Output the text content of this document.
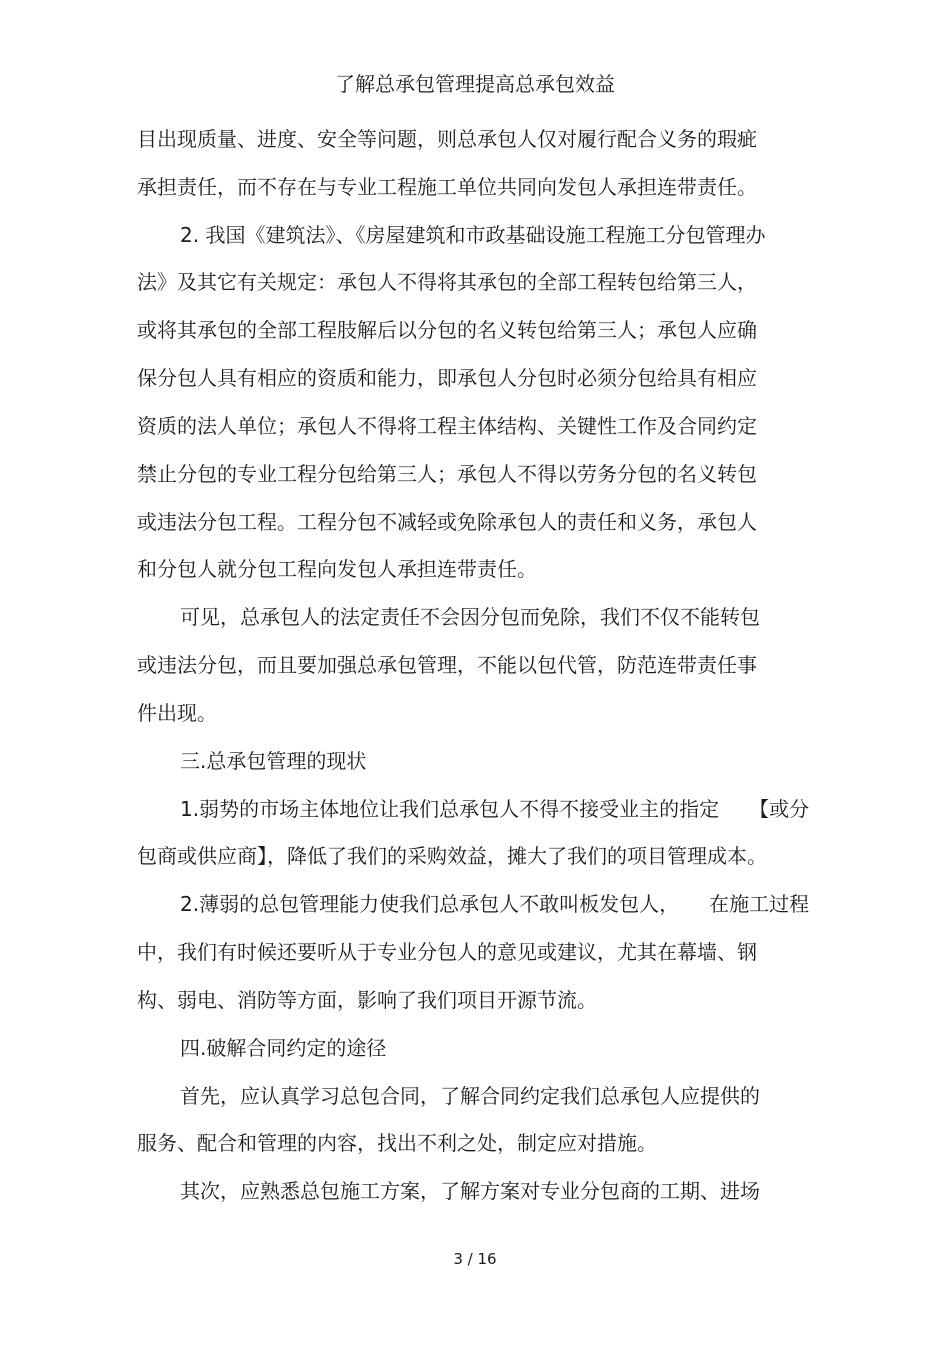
了解总承包管理提高总承包效益
目出现质量、进度、安全等问题，则总承包人仅对履行配合义务的瑕疵
承担责任，而不存在与专业工程施工单位共同向发包人承担连带责任。
2. 我国《建筑法》、《房屋建筑和市政基础设施工程施工分包管理办
法》及其它有关规定：承包人不得将其承包的全部工程转包给第三人，
或将其承包的全部工程肢解后以分包的名义转包给第三人；承包人应确
保分包人具有相应的资质和能力，即承包人分包时必须分包给具有相应
资质的法人单位；承包人不得将工程主体结构、关键性工作及合同约定
禁止分包的专业工程分包给第三人；承包人不得以劳务分包的名义转包
或违法分包工程。工程分包不减轻或免除承包人的责任和义务，承包人
和分包人就分包工程向发包人承担连带责任。
可见，总承包人的法定责任不会因分包而免除，我们不仅不能转包
或违法分包，而且要加强总承包管理，不能以包代管，防范连带责任事
件出现。
三.总承包管理的现状
1.弱势的市场主体地位让我们总承包人不得不接受业主的指定 【或分
包商或供应商】，降低了我们的采购效益，摊大了我们的项目管理成本。
2.薄弱的总包管理能力使我们总承包人不敢叫板发包人， 在施工过程
中，我们有时候还要听从于专业分包人的意见或建议，尤其在幕墙、钢
构、弱电、消防等方面，影响了我们项目开源节流。
四.破解合同约定的途径
首先，应认真学习总包合同，了解合同约定我们总承包人应提供的
服务、配合和管理的内容，找出不利之处，制定应对措施。
其次，应熟悉总包施工方案，了解方案对专业分包商的工期、进场
3 / 16
